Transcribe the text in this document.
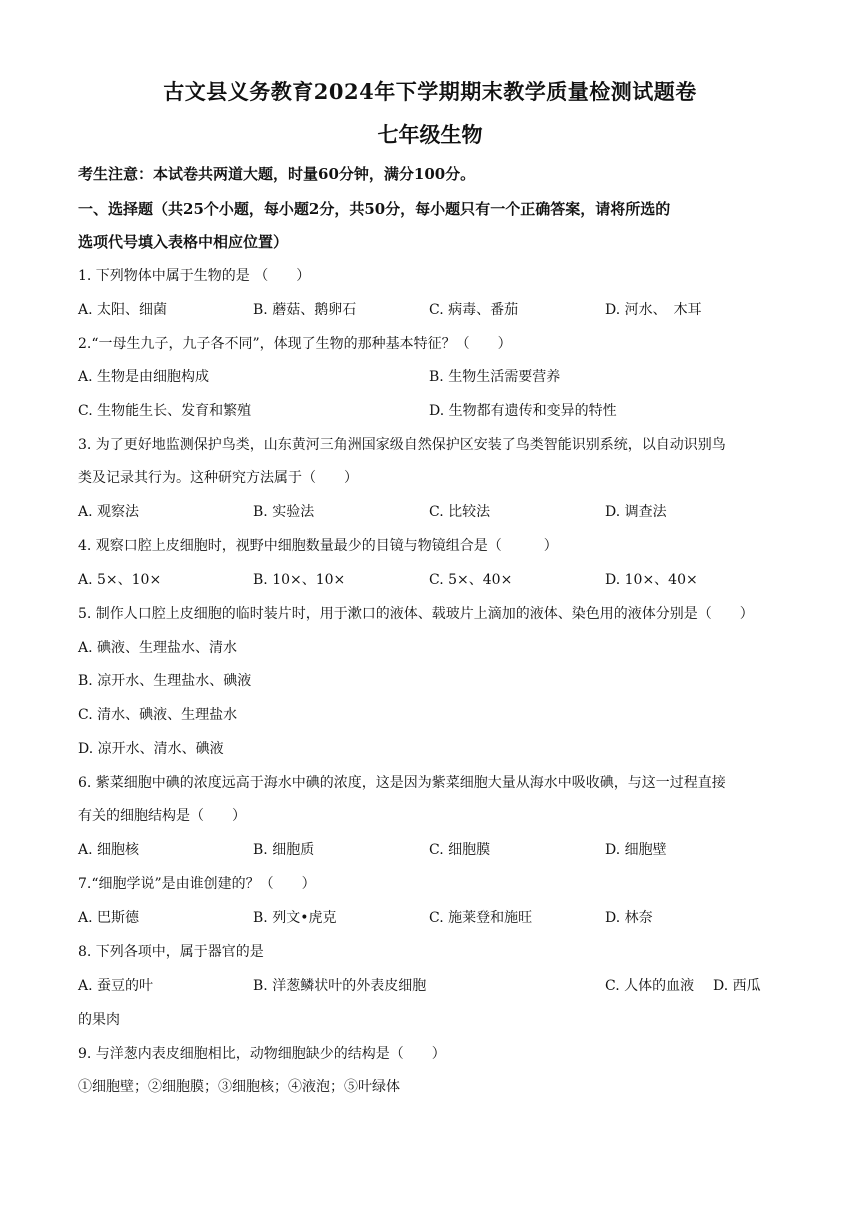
古文县义务教育2024年下学期期末教学质量检测试题卷
七年级生物
考生注意：本试卷共两道大题，时量60分钟，满分100分。
一、选择题（共25个小题，每小题2分，共50分，每小题只有一个正确答案，请将所选的
选项代号填入表格中相应位置）
1. 下列物体中属于生物的是 （　　）
A. 太阳、细菌	B. 蘑菇、鹅卵石	C. 病毒、番茄	D. 河水、　木耳
2.“一母生九子，九子各不同”，体现了生物的那种基本特征？（　　）
A. 生物是由细胞构成	B. 生物生活需要营养
C. 生物能生长、发育和繁殖	D. 生物都有遗传和变异的特性
3. 为了更好地监测保护鸟类，山东黄河三角洲国家级自然保护区安装了鸟类智能识别系统，以自动识别鸟
类及记录其行为。这种研究方法属于（　　）
A. 观察法	B. 实验法	C. 比较法	D. 调查法
4. 观察口腔上皮细胞时，视野中细胞数量最少的目镜与物镜组合是（　　　）
A. 5×、10×	B. 10×、10×	C. 5×、40×	D. 10×、40×
5. 制作人口腔上皮细胞的临时装片时，用于漱口的液体、载玻片上滴加的液体、染色用的液体分别是（　　）
A. 碘液、生理盐水、清水
B. 凉开水、生理盐水、碘液
C. 清水、碘液、生理盐水
D. 凉开水、清水、碘液
6. 紫菜细胞中碘的浓度远高于海水中碘的浓度，这是因为紫菜细胞大量从海水中吸收碘，与这一过程直接
有关的细胞结构是（　　）
A. 细胞核	B. 细胞质	C. 细胞膜	D. 细胞壁
7.“细胞学说”是由谁创建的？（　　）
A. 巴斯德	B. 列文•虎克	C. 施莱登和施旺	D. 林奈
8. 下列各项中，属于器官的是
A. 蚕豆的叶	B. 洋葱鳞状叶的外表皮细胞	C. 人体的血液 D. 西瓜
的果肉
9. 与洋葱内表皮细胞相比，动物细胞缺少的结构是（　　）
①细胞壁；②细胞膜；③细胞核；④液泡；⑤叶绿体
